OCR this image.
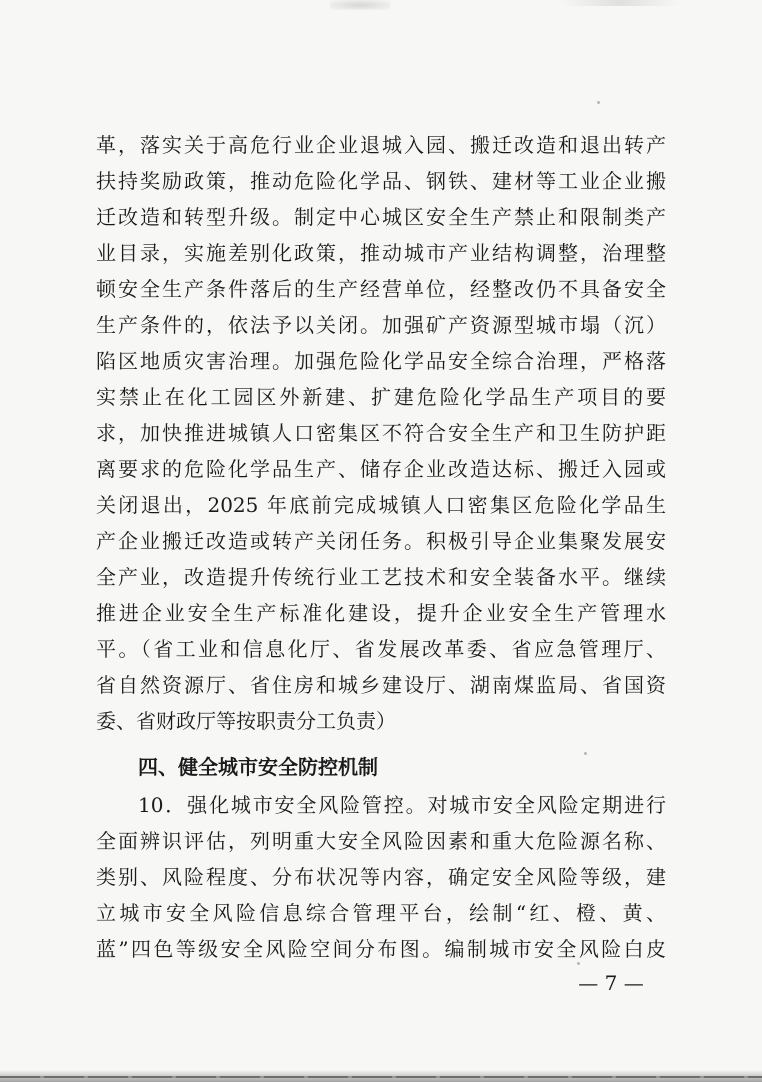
革，落实关于高危行业企业退城入园、搬迁改造和退出转产
扶持奖励政策，推动危险化学品、钢铁、建材等工业企业搬
迁改造和转型升级。制定中心城区安全生产禁止和限制类产
业目录，实施差别化政策，推动城市产业结构调整，治理整
顿安全生产条件落后的生产经营单位，经整改仍不具备安全
生产条件的，依法予以关闭。加强矿产资源型城市塌（沉）
陷区地质灾害治理。加强危险化学品安全综合治理，严格落
实禁止在化工园区外新建、扩建危险化学品生产项目的要
求，加快推进城镇人口密集区不符合安全生产和卫生防护距
离要求的危险化学品生产、储存企业改造达标、搬迁入园或
关闭退出，2025 年底前完成城镇人口密集区危险化学品生
产企业搬迁改造或转产关闭任务。积极引导企业集聚发展安
全产业，改造提升传统行业工艺技术和安全装备水平。继续
推进企业安全生产标准化建设，提升企业安全生产管理水
平。（省工业和信息化厅、省发展改革委、省应急管理厅、
省自然资源厅、省住房和城乡建设厅、湖南煤监局、省国资
委、省财政厅等按职责分工负责）
四、健全城市安全防控机制
10．强化城市安全风险管控。对城市安全风险定期进行
全面辨识评估，列明重大安全风险因素和重大危险源名称、
类别、风险程度、分布状况等内容，确定安全风险等级，建
立城市安全风险信息综合管理平台，绘制“红、橙、黄、
蓝”四色等级安全风险空间分布图。编制城市安全风险白皮
— 7 —
